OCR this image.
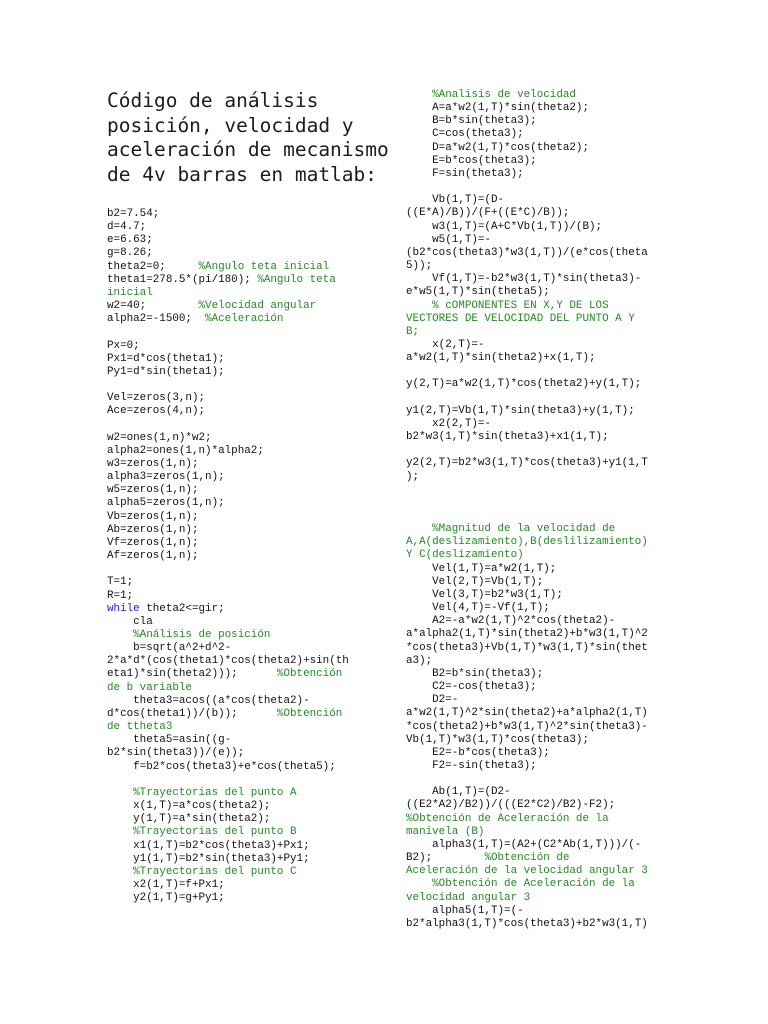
Código de análisis posición, velocidad y aceleración de mecanismo de 4v barras en matlab:
b2=7.54;
d=4.7;
e=6.63;
g=8.26;
theta2=0;     %Angulo teta inicial
theta1=278.5*(pi/180); %Angulo teta
inicial
w2=40;        %Velocidad angular
alpha2=-1500;  %Aceleración

Px=0;
Px1=d*cos(theta1);
Py1=d*sin(theta1);

Vel=zeros(3,n);
Ace=zeros(4,n);

w2=ones(1,n)*w2;
alpha2=ones(1,n)*alpha2;
w3=zeros(1,n);
alpha3=zeros(1,n);
w5=zeros(1,n);
alpha5=zeros(1,n);
Vb=zeros(1,n);
Ab=zeros(1,n);
Vf=zeros(1,n);
Af=zeros(1,n);

T=1;
R=1;
while theta2<=gir;
cla
%Análisis de posición
b=sqrt(a^2+d^2-
2*a*d*(cos(theta1)*cos(theta2)+sin(th
eta1)*sin(theta2)));      %Obtención
de b variable
theta3=acos((a*cos(theta2)-
d*cos(theta1))/(b));      %Obtención
de ttheta3
theta5=asin((g-
b2*sin(theta3))/(e));
f=b2*cos(theta3)+e*cos(theta5);

%Trayectorias del punto A
x(1,T)=a*cos(theta2);
y(1,T)=a*sin(theta2);
%Trayectorias del punto B
x1(1,T)=b2*cos(theta3)+Px1;
y1(1,T)=b2*sin(theta3)+Py1;
%Trayectorias del punto C
x2(1,T)=f+Px1;
y2(1,T)=g+Py1;
%Analisis de velocidad
A=a*w2(1,T)*sin(theta2);
B=b*sin(theta3);
C=cos(theta3);
D=a*w2(1,T)*cos(theta2);
E=b*cos(theta3);
F=sin(theta3);

Vb(1,T)=(D-
((E*A)/B))/(F+((E*C)/B));
w3(1,T)=(A+C*Vb(1,T))/(B);
w5(1,T)=-
(b2*cos(theta3)*w3(1,T))/(e*cos(theta
5));
Vf(1,T)=-b2*w3(1,T)*sin(theta3)-
e*w5(1,T)*sin(theta5);
% cOMPONENTES EN X,Y DE LOS
VECTORES DE VELOCIDAD DEL PUNTO A Y
B;
x(2,T)=-
a*w2(1,T)*sin(theta2)+x(1,T);

y(2,T)=a*w2(1,T)*cos(theta2)+y(1,T);

y1(2,T)=Vb(1,T)*sin(theta3)+y(1,T);
x2(2,T)=-
b2*w3(1,T)*sin(theta3)+x1(1,T);

y2(2,T)=b2*w3(1,T)*cos(theta3)+y1(1,T
);

%Magnitud de la velocidad de
A,A(deslizamiento),B(deslilizamiento)
Y C(deslizamiento)
Vel(1,T)=a*w2(1,T);
Vel(2,T)=Vb(1,T);
Vel(3,T)=b2*w3(1,T);
Vel(4,T)=-Vf(1,T);
A2=-a*w2(1,T)^2*cos(theta2)-
a*alpha2(1,T)*sin(theta2)+b*w3(1,T)^2
*cos(theta3)+Vb(1,T)*w3(1,T)*sin(thet
a3);
B2=b*sin(theta3);
C2=-cos(theta3);
D2=-
a*w2(1,T)^2*sin(theta2)+a*alpha2(1,T)
*cos(theta2)+b*w3(1,T)^2*sin(theta3)-
Vb(1,T)*w3(1,T)*cos(theta3);
E2=-b*cos(theta3);
F2=-sin(theta3);

Ab(1,T)=(D2-
((E2*A2)/B2))/(((E2*C2)/B2)-F2);
%Obtención de Aceleración de la
manivela (B)
alpha3(1,T)=(A2+(C2*Ab(1,T)))/(-
B2);        %Obtención de
Aceleración de la velocidad angular 3
%Obtención de Aceleración de la
velocidad angular 3
alpha5(1,T)=(-
b2*alpha3(1,T)*cos(theta3)+b2*w3(1,T)
